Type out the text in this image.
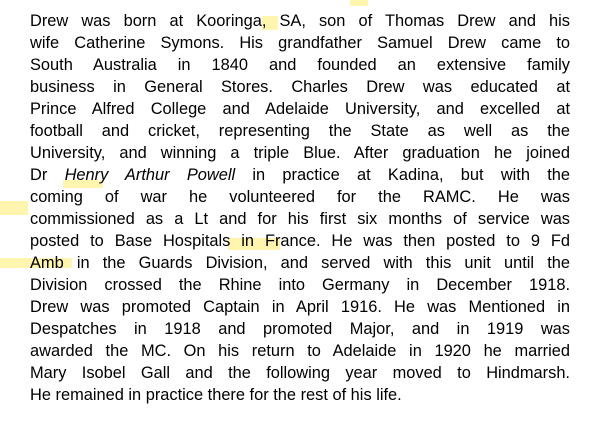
Drew was born at Kooringa, SA, son of Thomas Drew and his
wife Catherine Symons. His grandfather Samuel Drew came to
South Australia in 1840 and founded an extensive family
business in General Stores. Charles Drew was educated at
Prince Alfred College and Adelaide University, and excelled at
football and cricket, representing the State as well as the
University, and winning a triple Blue. After graduation he joined
Dr Henry Arthur Powell in practice at Kadina, but with the
coming of war he volunteered for the RAMC. He was
commissioned as a Lt and for his first six months of service was
posted to Base Hospitals in France. He was then posted to 9 Fd
Amb in the Guards Division, and served with this unit until the
Division crossed the Rhine into Germany in December 1918.
Drew was promoted Captain in April 1916. He was Mentioned in
Despatches in 1918 and promoted Major, and in 1919 was
awarded the MC. On his return to Adelaide in 1920 he married
Mary Isobel Gall and the following year moved to Hindmarsh.
He remained in practice there for the rest of his life.
